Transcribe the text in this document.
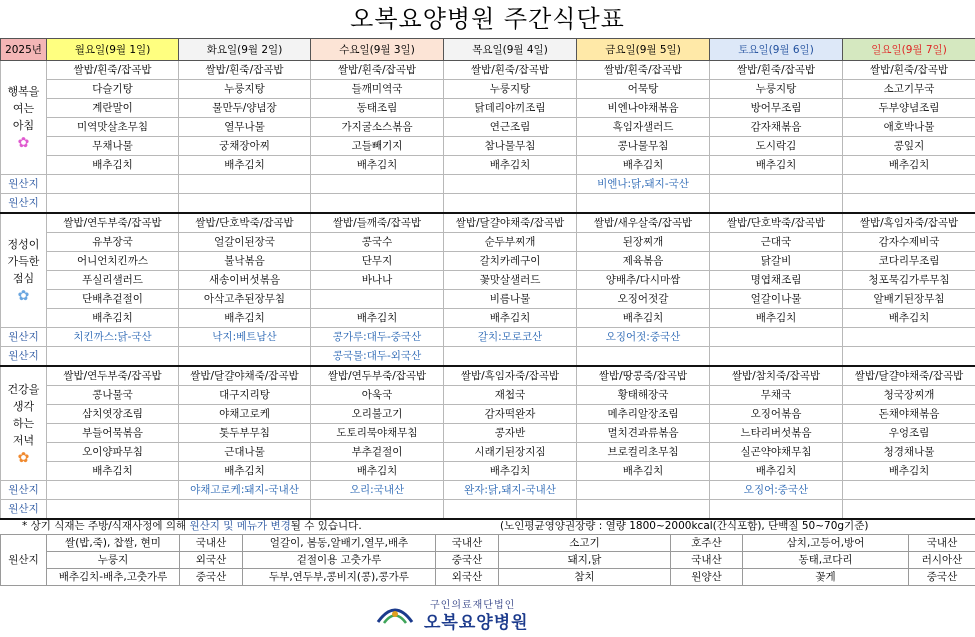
오복요양병원 주간식단표
2025년	월요일(9월 1일)	화요일(9월 2일)	수요일(9월 3일)	목요일(9월 4일)	금요일(9월 5일)	토요일(9월 6일)	일요일(9월 7일)

행복을
여는
아침
✿	쌀밥/흰죽/잡곡밥	쌀밥/흰죽/잡곡밥	쌀밥/흰죽/잡곡밥	쌀밥/흰죽/잡곡밥	쌀밥/흰죽/잡곡밥	쌀밥/흰죽/잡곡밥	쌀밥/흰죽/잡곡밥
	다슬기탕	누룽지탕	들깨미역국	누룽지탕	어묵탕	누룽지탕	소고기무국
	계란말이	물만두/양념장	동태조림	닭데리야끼조림	비엔나야채볶음	방어무조림	두부양념조림
	미역맛살초무침	열무나물	가지굴소스볶음	연근조림	흑임자샐러드	감자채볶음	애호박나물
	무채나물	궁채장아찌	고들빼기지	참나물무침	콩나물무침	도시락김	콩잎지
	배추김치	배추김치	배추김치	배추김치	배추김치	배추김치	배추김치
원산지					비엔나:닭,돼지-국산		
원산지							

정성이
가득한
점심
✿	쌀밥/연두부죽/잡곡밥	쌀밥/단호박죽/잡곡밥	쌀밥/들깨죽/잡곡밥	쌀밥/달걀야채죽/잡곡밥	쌀밥/새우살죽/잡곡밥	쌀밥/단호박죽/잡곡밥	쌀밥/흑임자죽/잡곡밥
	유부장국	얼갈이된장국	콩국수	순두부찌개	된장찌개	근대국	감자수제비국
	어니언치킨까스	불낙볶음	단무지	갈치카레구이	제육볶음	닭갈비	코다리무조림
	푸실리샐러드	새송이버섯볶음	바나나	꽃맛살샐러드	양배추/다시마쌈	명엽채조림	청포묵김가루무침
	단배추겉절이	아삭고추된장무침		비름나물	오징어젓갈	얼갈이나물	알배기된장무침
	배추김치	배추김치	배추김치	배추김치	배추김치	배추김치	배추김치
원산지	치킨까스:닭-국산	낙지:베트남산	콩가루:대두-중국산	갈치:모로코산	오징어젓:중국산		
원산지			콩국물:대두-외국산				

건강을
생각
하는
저녁
✿	쌀밥/연두부죽/잡곡밥	쌀밥/달걀야채죽/잡곡밥	쌀밥/연두부죽/잡곡밥	쌀밥/흑임자죽/잡곡밥	쌀밥/땅콩죽/잡곡밥	쌀밥/참치죽/잡곡밥	쌀밥/달걀야채죽/잡곡밥
	콩나물국	대구지리탕	아욱국	재첩국	황태해장국	무채국	청국장찌개
	삼치엿장조림	야채고로케	오리불고기	감자떡완자	메추리알장조림	오징어볶음	돈채야채볶음
	부들어묵볶음	톳두부무침	도토리묵야채무침	콩자반	멸치견과류볶음	느타리버섯볶음	우엉조림
	오이양파무침	근대나물	부추겉절이	시래기된장지짐	브로컬리초무침	실곤약야채무침	청경채나물
	배추김치	배추김치	배추김치	배추김치	배추김치	배추김치	배추김치
원산지		야채고로케:돼지-국내산	오리:국내산	완자:닭,돼지-국내산		오징어:중국산	
원산지							
* 상기 식재는 주방/식재사정에 의해 원산지 및 메뉴가 변경될 수 있습니다.	(노인평균영양권장량 : 열량 1800~2000kcal(간식포함), 단백질 50~70g기준)
원산지	쌀(밥,죽), 찹쌀, 현미	국내산	얼갈이, 봄동,알배기,열무,배추	국내산	소고기	호주산	삼치,고등어,방어	국내산
	누룽지	외국산	겉절이용 고춧가루	중국산	돼지,닭	국내산	동태,코다리	러시아산
	배추김치-배추,고춧가루	중국산	두부,연두부,콩비지(콩),콩가루	외국산	참치	원양산	꽃게	중국산
구인의료재단법인
오복요양병원
